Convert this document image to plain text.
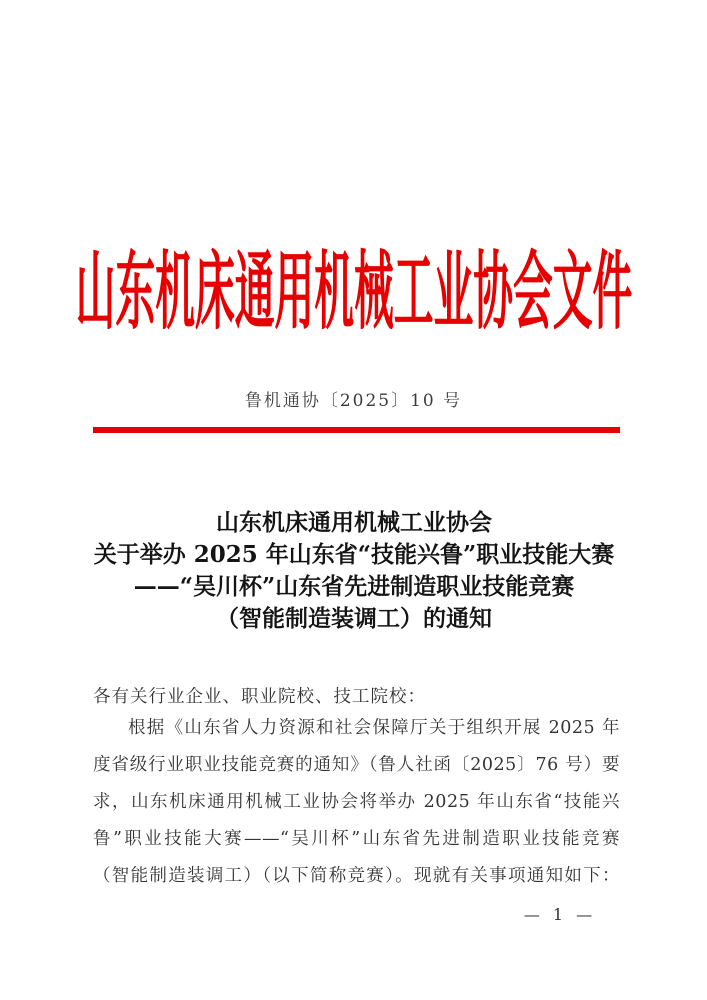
山东机床通用机械工业协会文件
鲁机通协〔2025〕10 号
山东机床通用机械工业协会
关于举办 2025 年山东省“技能兴鲁”职业技能大赛
——“吴川杯”山东省先进制造职业技能竞赛
（智能制造装调工）的通知
各有关行业企业、职业院校、技工院校：
根据《山东省人力资源和社会保障厅关于组织开展 2025 年
度省级行业职业技能竞赛的通知》（鲁人社函〔2025〕76 号）要
求，山东机床通用机械工业协会将举办 2025 年山东省“技能兴
鲁”职业技能大赛——“吴川杯”山东省先进制造职业技能竞赛
（智能制造装调工）（以下简称竞赛）。现就有关事项通知如下：
— 1 —
